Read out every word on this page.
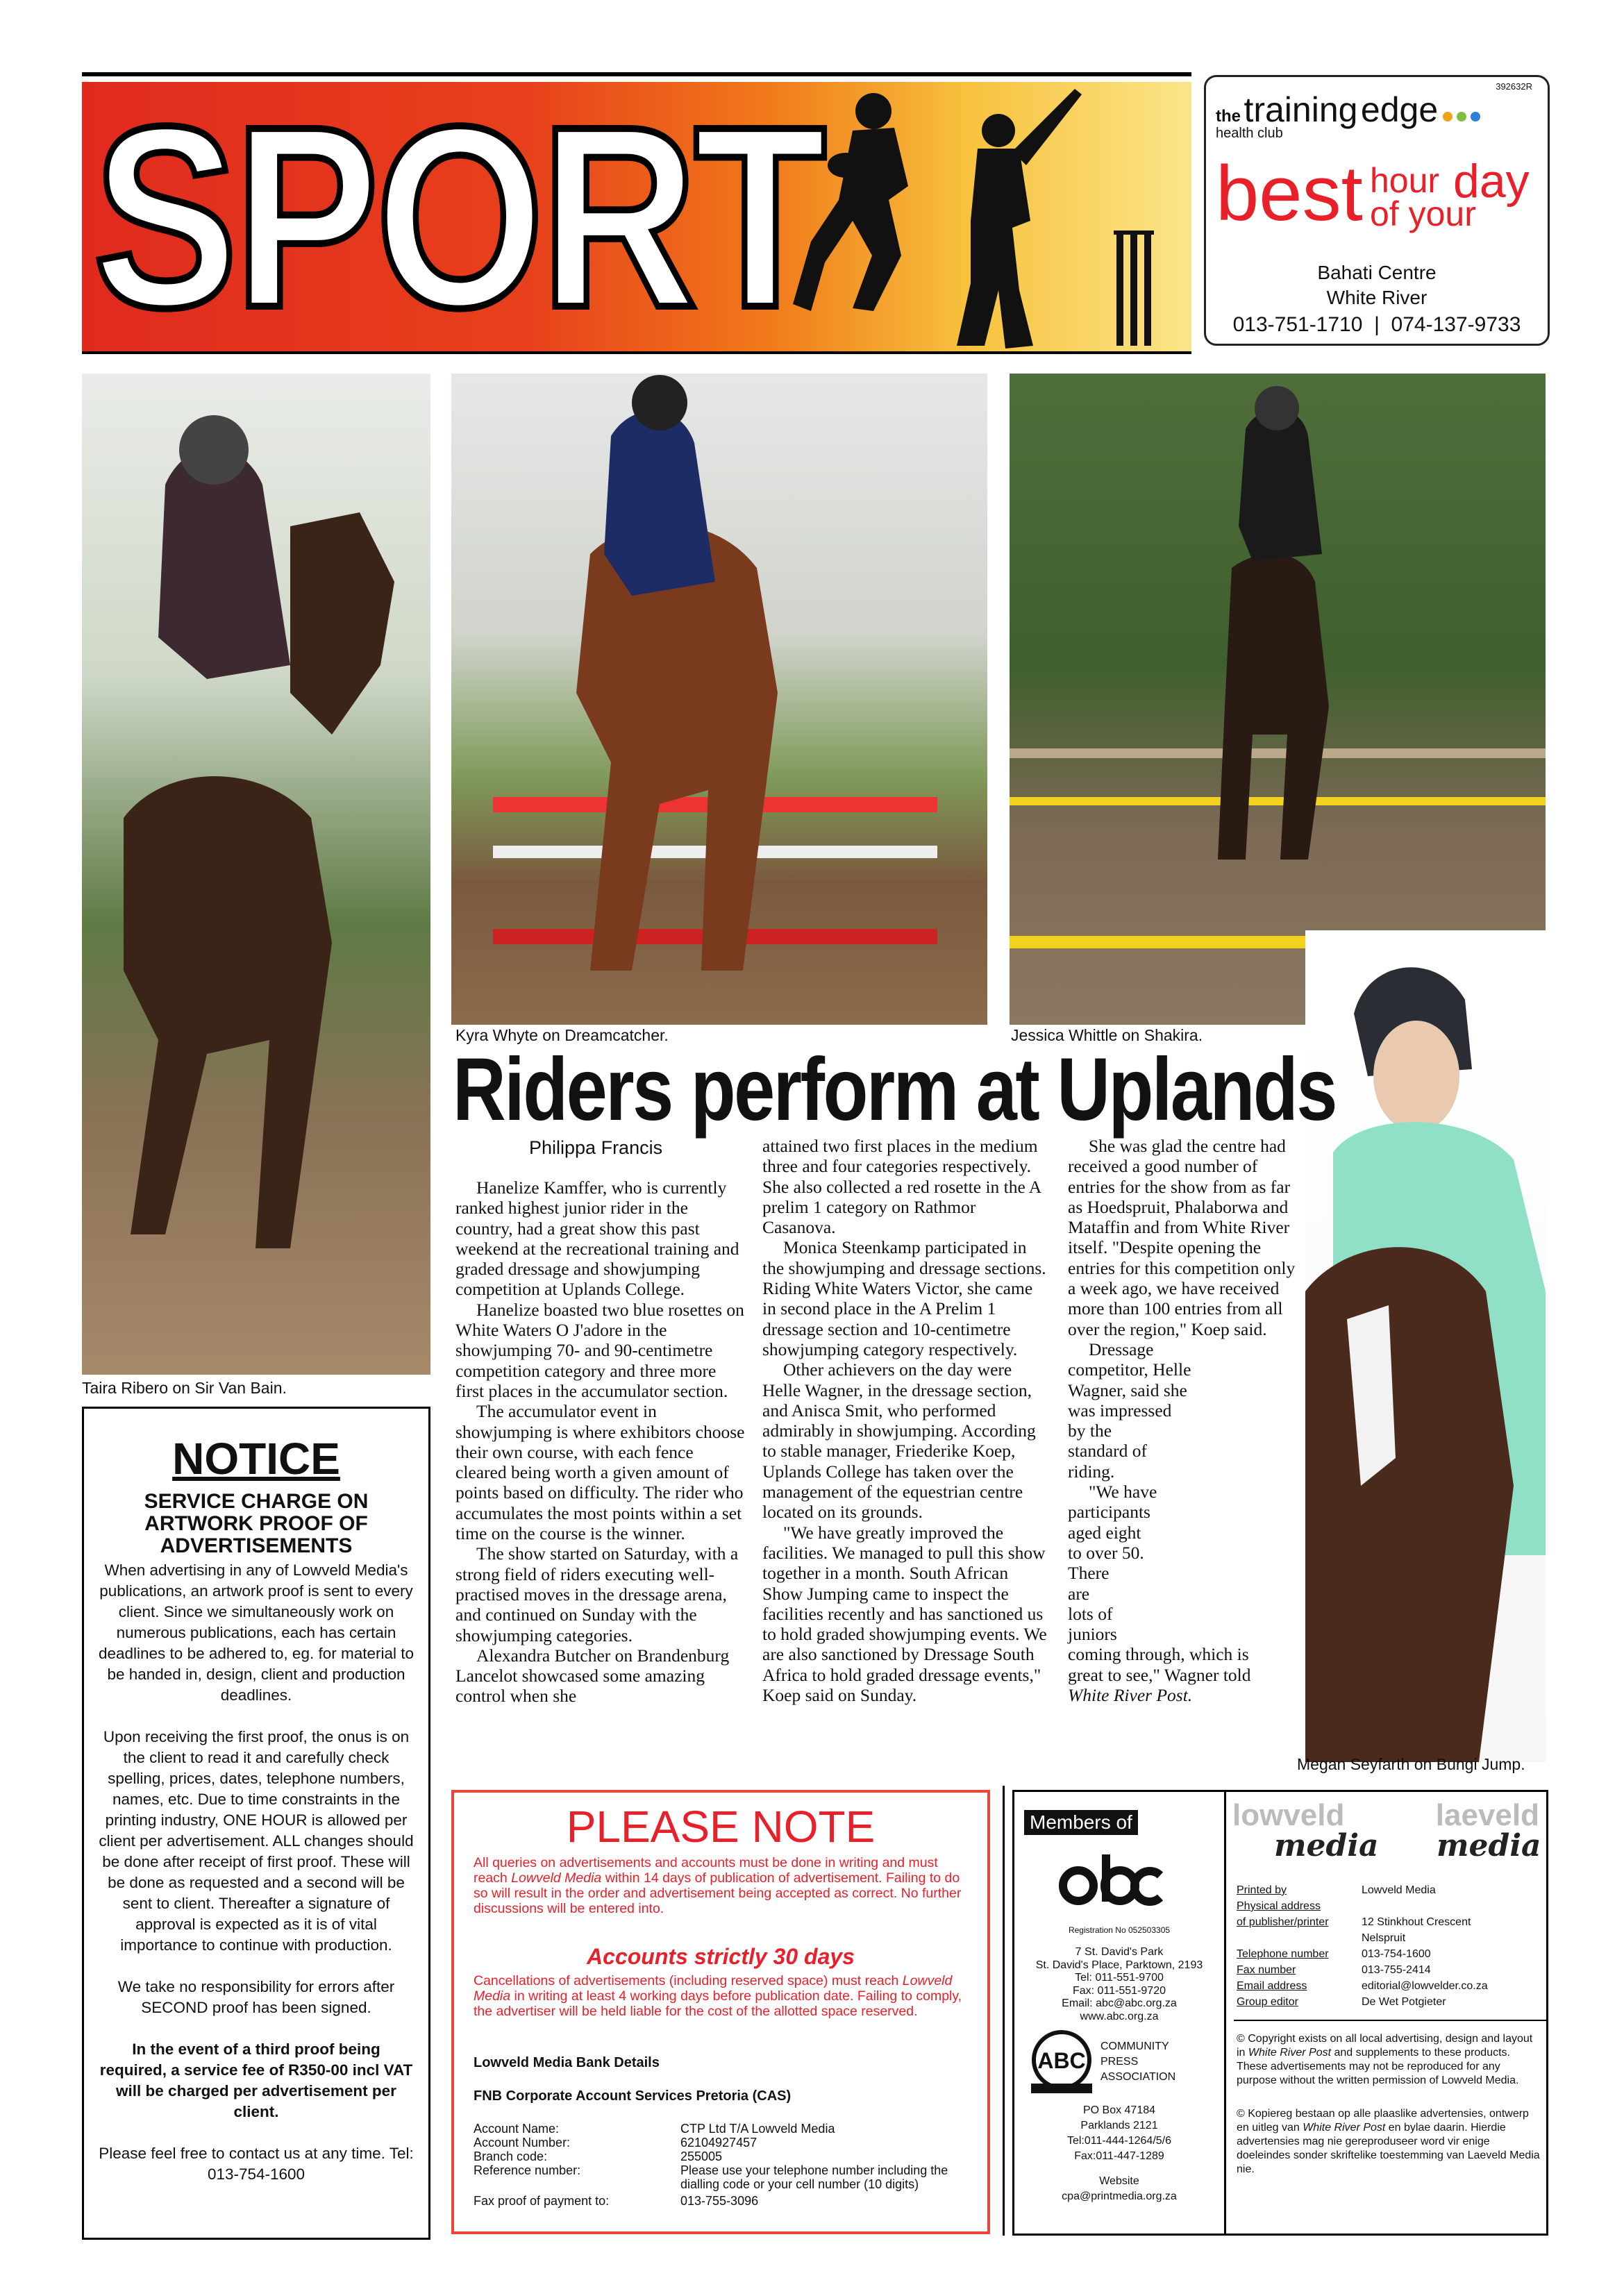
SPORT	392632R
the training edge
health club
best hour day
of your
Bahati Centre
White River
013-751-1710  |  074-137-9733
Taira Ribero on Sir Van Bain.
Kyra Whyte on Dreamcatcher.	Jessica Whittle on Shakira.
Megan Seyfarth on Bungi Jump.
Riders perform at Uplands
Philippa Francis

Hanelize Kamffer, who is currently ranked highest junior rider in the country, had a great show this past weekend at the recreational training and graded dressage and showjumping competition at Uplands College.

Hanelize boasted two blue rosettes on White Waters O J'adore in the showjumping 70- and 90-centimetre competition category and three more first places in the accumulator section.

The accumulator event in showjumping is where exhibitors choose their own course, with each fence cleared being worth a given amount of points based on difficulty. The rider who accumulates the most points within a set time on the course is the winner.

The show started on Saturday, with a strong field of riders executing well-practised moves in the dressage arena, and continued on Sunday with the showjumping categories.

Alexandra Butcher on Brandenburg Lancelot showcased some amazing control when she

attained two first places in the medium three and four categories respectively. She also collected a red rosette in the A prelim 1 category on Rathmor Casanova.

Monica Steenkamp participated in the showjumping and dressage sections. Riding White Waters Victor, she came in second place in the A Prelim 1 dressage section and 10-centimetre showjumping category respectively.

Other achievers on the day were Helle Wagner, in the dressage section, and Anisca Smit, who performed admirably in showjumping. According to stable manager, Friederike Koep, Uplands College has taken over the management of the equestrian centre located on its grounds.

"We have greatly improved the facilities. We managed to pull this show together in a month. South African Show Jumping came to inspect the facilities recently and has sanctioned us to hold graded showjumping events. We are also sanctioned by Dressage South Africa to hold graded dressage events," Koep said on Sunday.

She was glad the centre had received a good number of entries for the show from as far as Hoedspruit, Phalaborwa and Mataffin and from White River itself. "Despite opening the entries for this competition only a week ago, we have received more than 100 entries from all over the region," Koep said.

Dressage
competitor, Helle
Wagner, said she
was impressed
by the
standard of
riding.
"We have
participants
aged eight
to over 50.
There
are
lots of
juniors
coming through, which is
great to see," Wagner told
White River Post.
NOTICE
SERVICE CHARGE ON ARTWORK PROOF OF ADVERTISEMENTS
When advertising in any of Lowveld Media's publications, an artwork proof is sent to every client. Since we simultaneously work on numerous publications, each has certain deadlines to be adhered to, eg. for material to be handed in, design, client and production deadlines.
Upon receiving the first proof, the onus is on the client to read it and carefully check spelling, prices, dates, telephone numbers, names, etc. Due to time constraints in the printing industry, ONE HOUR is allowed per client per advertisement. ALL changes should be done after receipt of first proof. These will be done as requested and a second will be sent to client. Thereafter a signature of approval is expected as it is of vital importance to continue with production.
We take no responsibility for errors after SECOND proof has been signed.
In the event of a third proof being required, a service fee of R350-00 incl VAT will be charged per advertisement per client.
Please feel free to contact us at any time. Tel: 013-754-1600
PLEASE NOTE
All queries on advertisements and accounts must be done in writing and must reach Lowveld Media within 14 days of publication of advertisement. Failing to do so will result in the order and advertisement being accepted as correct. No further discussions will be entered into.
Accounts strictly 30 days
Cancellations of advertisements (including reserved space) must reach Lowveld Media in writing at least 4 working days before publication date. Failing to comply, the advertiser will be held liable for the cost of the allotted space reserved.
Lowveld Media Bank Details
FNB Corporate Account Services Pretoria (CAS)
Account Name:	CTP Ltd T/A Lowveld Media
Account Number:	62104927457
Branch code:	255005
Reference number:	Please use your telephone number including the dialling code or your cell number (10 digits)
Fax proof of payment to:	013-755-3096
Members of
Registration No 052503305
7 St. David's Park
St. David's Place, Parktown, 2193
Tel: 011-551-9700
Fax: 011-551-9720
Email: abc@abc.org.za
www.abc.org.za
ABC
COMMUNITY PRESS ASSOCIATION
PO Box 47184
Parklands 2121
Tel:011-444-1264/5/6
Fax:011-447-1289
Website
cpa@printmedia.org.za
lowveld
media
laeveld
media
Printed by	Lowveld Media
Physical address
of publisher/printer	12 Stinkhout Crescent
Nelspruit
Telephone number	013-754-1600
Fax number	013-755-2414
Email address	editorial@lowvelder.co.za
Group editor	De Wet Potgieter
© Copyright exists on all local advertising, design and layout in White River Post and supplements to these products. These advertisements may not be reproduced for any purpose without the written permission of Lowveld Media.
© Kopiereg bestaan op alle plaaslike advertensies, ontwerp en uitleg van White River Post en bylae daarin. Hierdie advertensies mag nie gereproduseer word vir enige doeleindes sonder skriftelike toestemming van Laeveld Media nie.
